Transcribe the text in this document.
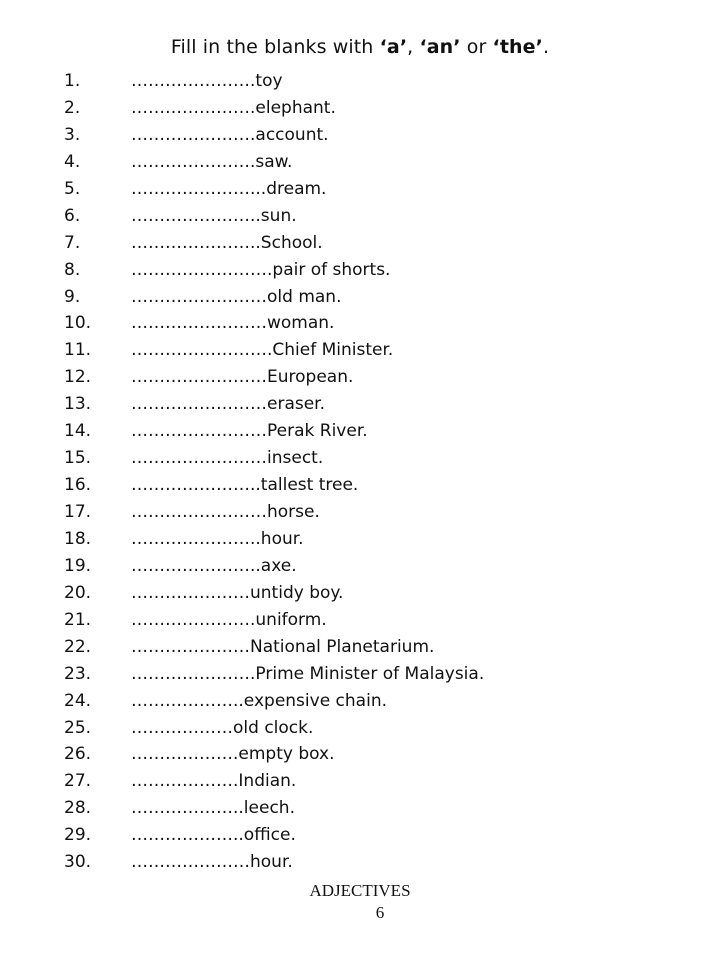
Fill in the blanks with ‘a’, ‘an’ or ‘the’.
1.	………………….toy
2.	………………….elephant.
3.	………………….account.
4.	………………….saw.
5.	…………………...dream.
6.	…………………..sun.
7.	…………………..School.
8.	…………………….pair of shorts.
9.	……………………old man.
10.	……………………woman.
11.	…………………….Chief Minister.
12.	……………………European.
13.	……………………eraser.
14.	……………………Perak River.
15.	……………………insect.
16.	…………………..tallest tree.
17.	……………………horse.
18.	…………………..hour.
19.	…………………..axe.
20.	…………………untidy boy.
21.	………………….uniform.
22.	…………………National Planetarium.
23.	………………….Prime Minister of Malaysia.
24.	………………..expensive chain.
25.	………………old clock.
26.	……………….empty box.
27.	……………….Indian.
28.	………………..leech.
29.	………………..office.
30.	…………………hour.
ADJECTIVES
6
